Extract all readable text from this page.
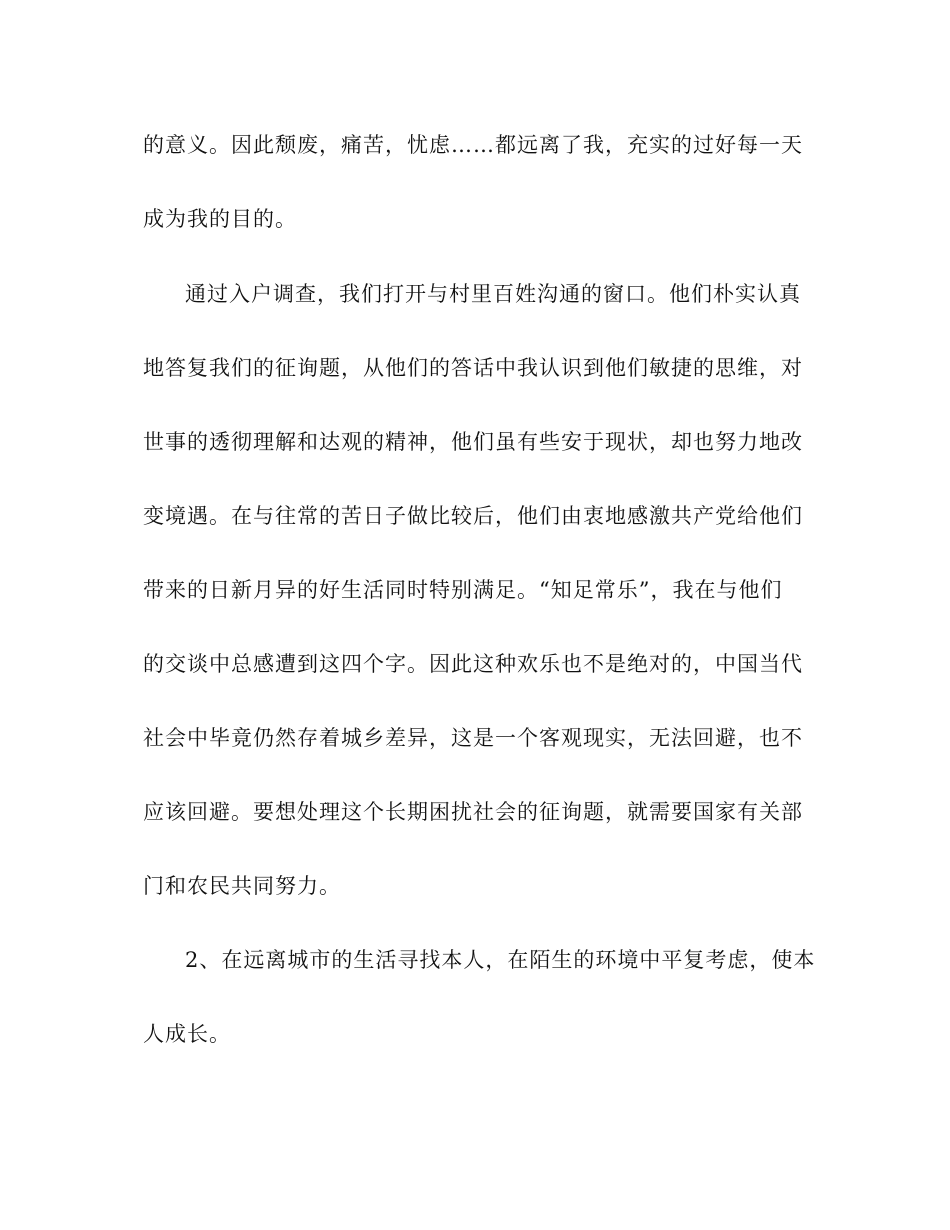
的意义。因此颓废，痛苦，忧虑……都远离了我，充实的过好每一天
成为我的目的。
通过入户调查，我们打开与村里百姓沟通的窗口。他们朴实认真
地答复我们的征询题，从他们的答话中我认识到他们敏捷的思维，对
世事的透彻理解和达观的精神，他们虽有些安于现状，却也努力地改
变境遇。在与往常的苦日子做比较后，他们由衷地感激共产党给他们
带来的日新月异的好生活同时特别满足。“知足常乐”，我在与他们
的交谈中总感遭到这四个字。因此这种欢乐也不是绝对的，中国当代
社会中毕竟仍然存着城乡差异，这是一个客观现实，无法回避，也不
应该回避。要想处理这个长期困扰社会的征询题，就需要国家有关部
门和农民共同努力。
2、在远离城市的生活寻找本人，在陌生的环境中平复考虑，使本
人成长。
